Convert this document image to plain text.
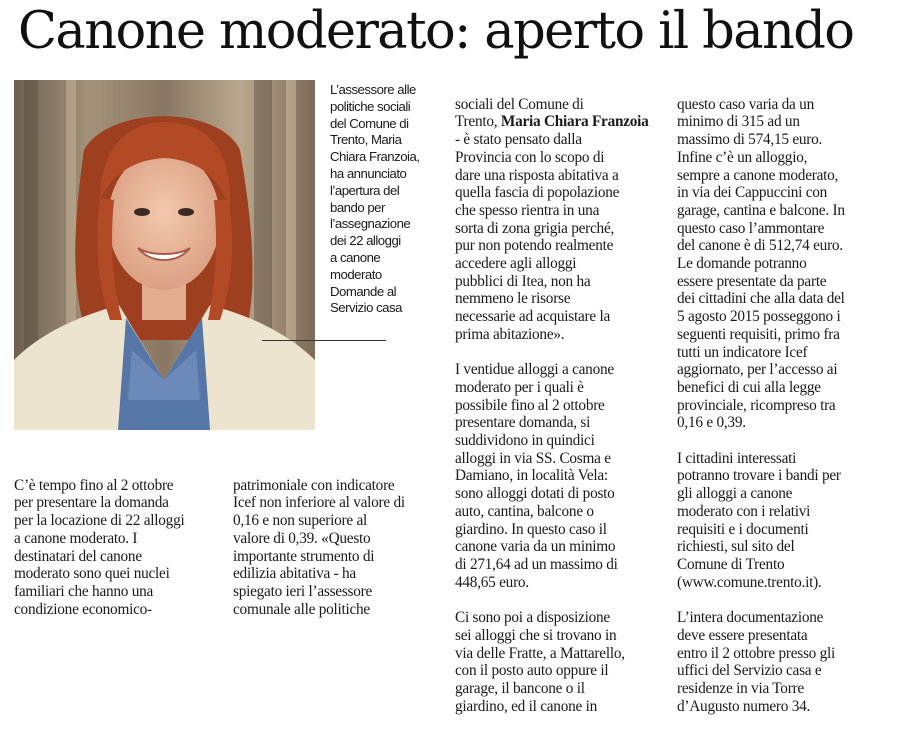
Canone moderato: aperto il bando
L’assessore alle
politiche sociali
del Comune di
Trento, Maria
Chiara Franzoia,
ha annunciato
l’apertura del
bando per
l’assegnazione
dei 22 alloggi
a canone
moderato
Domande al
Servizio casa

C’è tempo fino al 2 ottobre
per presentare la domanda
per la locazione di 22 alloggi
a canone moderato. I
destinatari del canone
moderato sono quei nuclei
familiari che hanno una
condizione economico-

patrimoniale con indicatore
Icef non inferiore al valore di
0,16 e non superiore al
valore di 0,39. «Questo
importante strumento di
edilizia abitativa - ha
spiegato ieri l’assessore
comunale alle politiche

sociali del Comune di
Trento, Maria Chiara Franzoia
- è stato pensato dalla
Provincia con lo scopo di
dare una risposta abitativa a
quella fascia di popolazione
che spesso rientra in una
sorta di zona grigia perché,
pur non potendo realmente
accedere agli alloggi
pubblici di Itea, non ha
nemmeno le risorse
necessarie ad acquistare la
prima abitazione».

I ventidue alloggi a canone
moderato per i quali è
possibile fino al 2 ottobre
presentare domanda, si
suddividono in quindici
alloggi in via SS. Cosma e
Damiano, in località Vela:
sono alloggi dotati di posto
auto, cantina, balcone o
giardino. In questo caso il
canone varia da un minimo
di 271,64 ad un massimo di
448,65 euro.

Ci sono poi a disposizione
sei alloggi che si trovano in
via delle Fratte, a Mattarello,
con il posto auto oppure il
garage, il bancone o il
giardino, ed il canone in

questo caso varia da un
minimo di 315 ad un
massimo di 574,15 euro.
Infine c’è un alloggio,
sempre a canone moderato,
in via dei Cappuccini con
garage, cantina e balcone. In
questo caso l’ammontare
del canone è di 512,74 euro.
Le domande potranno
essere presentate da parte
dei cittadini che alla data del
5 agosto 2015 posseggono i
seguenti requisiti, primo fra
tutti un indicatore Icef
aggiornato, per l’accesso ai
benefici di cui alla legge
provinciale, ricompreso tra
0,16 e 0,39.

I cittadini interessati
potranno trovare i bandi per
gli alloggi a canone
moderato con i relativi
requisiti e i documenti
richiesti, sul sito del
Comune di Trento
(www.comune.trento.it).

L’intera documentazione
deve essere presentata
entro il 2 ottobre presso gli
uffici del Servizio casa e
residenze in via Torre
d’Augusto numero 34.
